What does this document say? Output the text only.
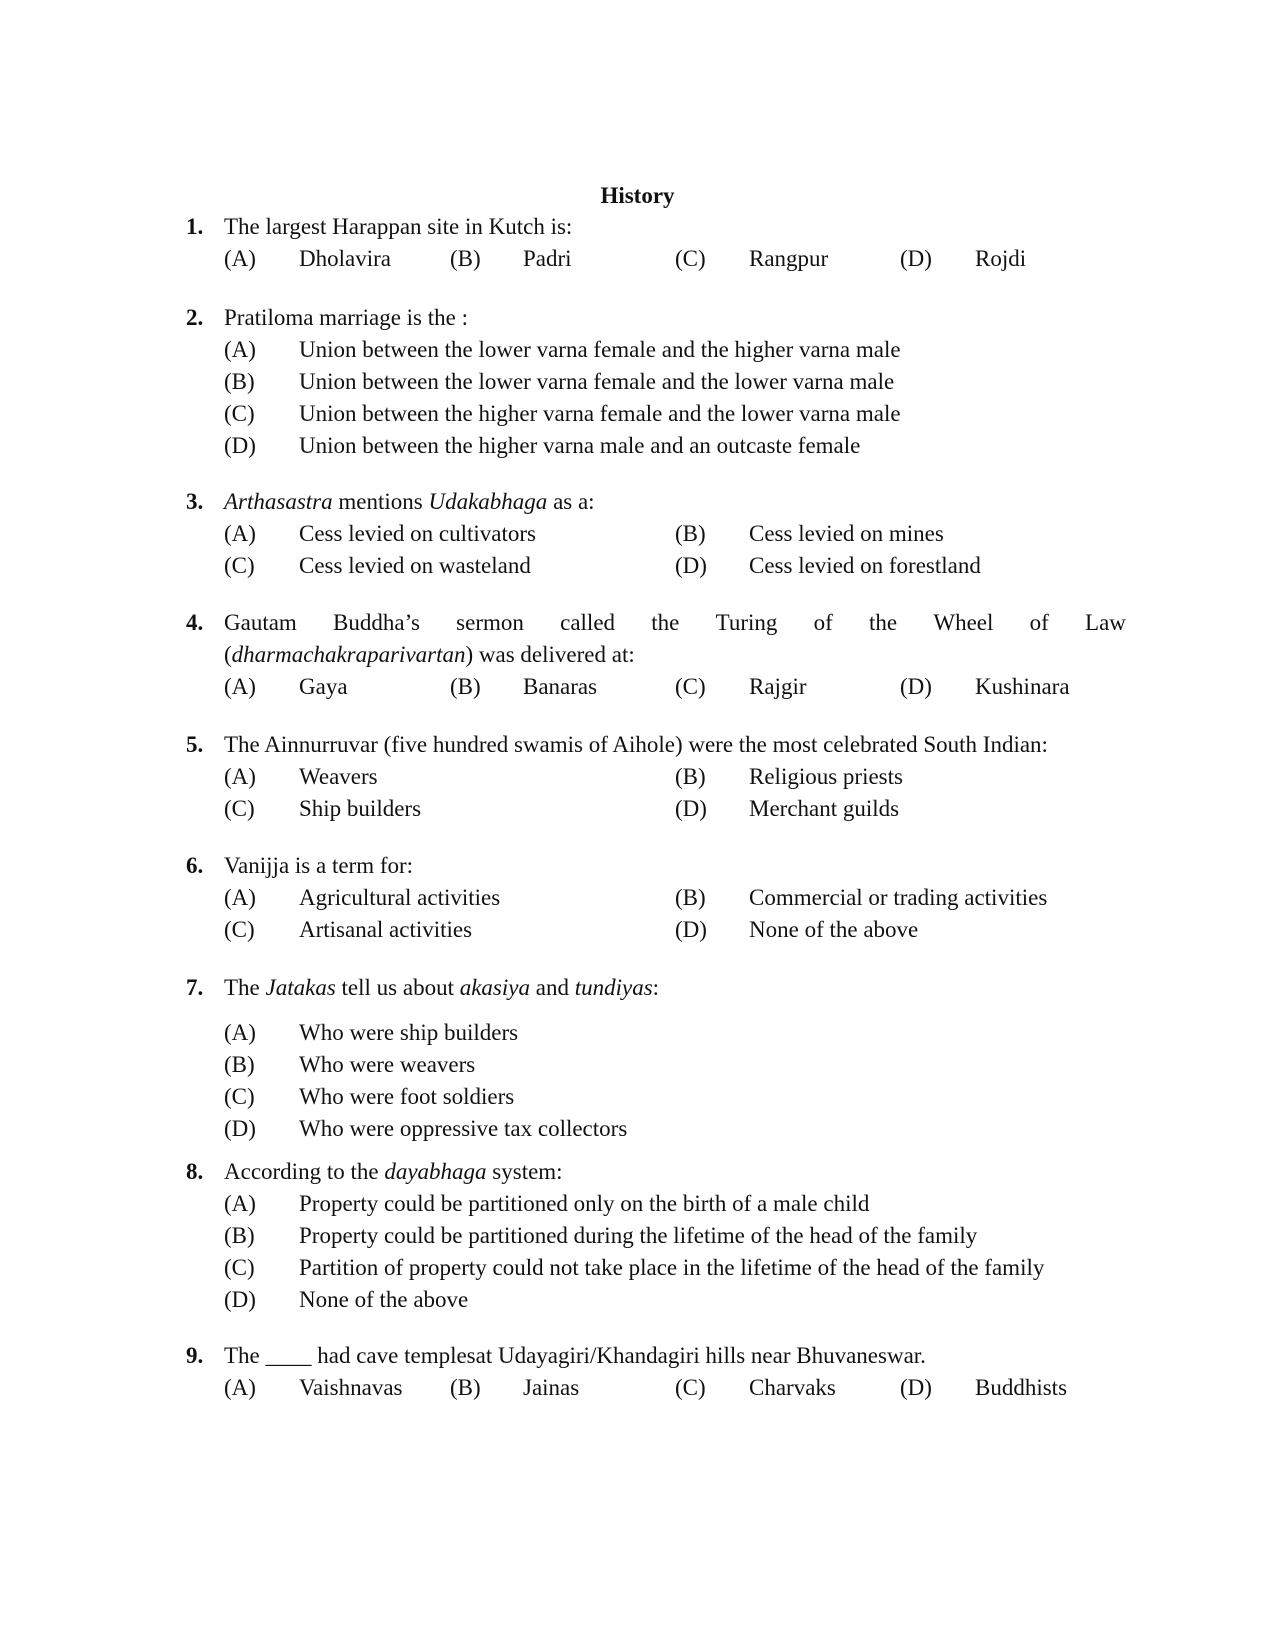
History
1. The largest Harappan site in Kutch is:
(A) Dholavira	(B) Padri	(C) Rangpur	(D) Rojdi
2. Pratiloma marriage is the :
(A) Union between the lower varna female and the higher varna male
(B) Union between the lower varna female and the lower varna male
(C) Union between the higher varna female and the lower varna male
(D) Union between the higher varna male and an outcaste female
3. Arthasastra mentions Udakabhaga as a:
(A) Cess levied on cultivators	(B) Cess levied on mines
(C) Cess levied on wasteland	(D) Cess levied on forestland
4. Gautam Buddha’s sermon called the Turing of the Wheel of Law
(dharmachakraparivartan) was delivered at:
(A) Gaya	(B) Banaras	(C) Rajgir	(D) Kushinara
5. The Ainnurruvar (five hundred swamis of Aihole) were the most celebrated South Indian:
(A) Weavers	(B) Religious priests
(C) Ship builders	(D) Merchant guilds
6. Vanijja is a term for:
(A) Agricultural activities	(B) Commercial or trading activities
(C) Artisanal activities	(D) None of the above
7. The Jatakas tell us about akasiya and tundiyas:
(A) Who were ship builders
(B) Who were weavers
(C) Who were foot soldiers
(D) Who were oppressive tax collectors
8. According to the dayabhaga system:
(A) Property could be partitioned only on the birth of a male child
(B) Property could be partitioned during the lifetime of the head of the family
(C) Partition of property could not take place in the lifetime of the head of the family
(D) None of the above
9. The ____ had cave templesat Udayagiri/Khandagiri hills near Bhuvaneswar.
(A) Vaishnavas (B) Jainas	(C) Charvaks	(D) Buddhists
